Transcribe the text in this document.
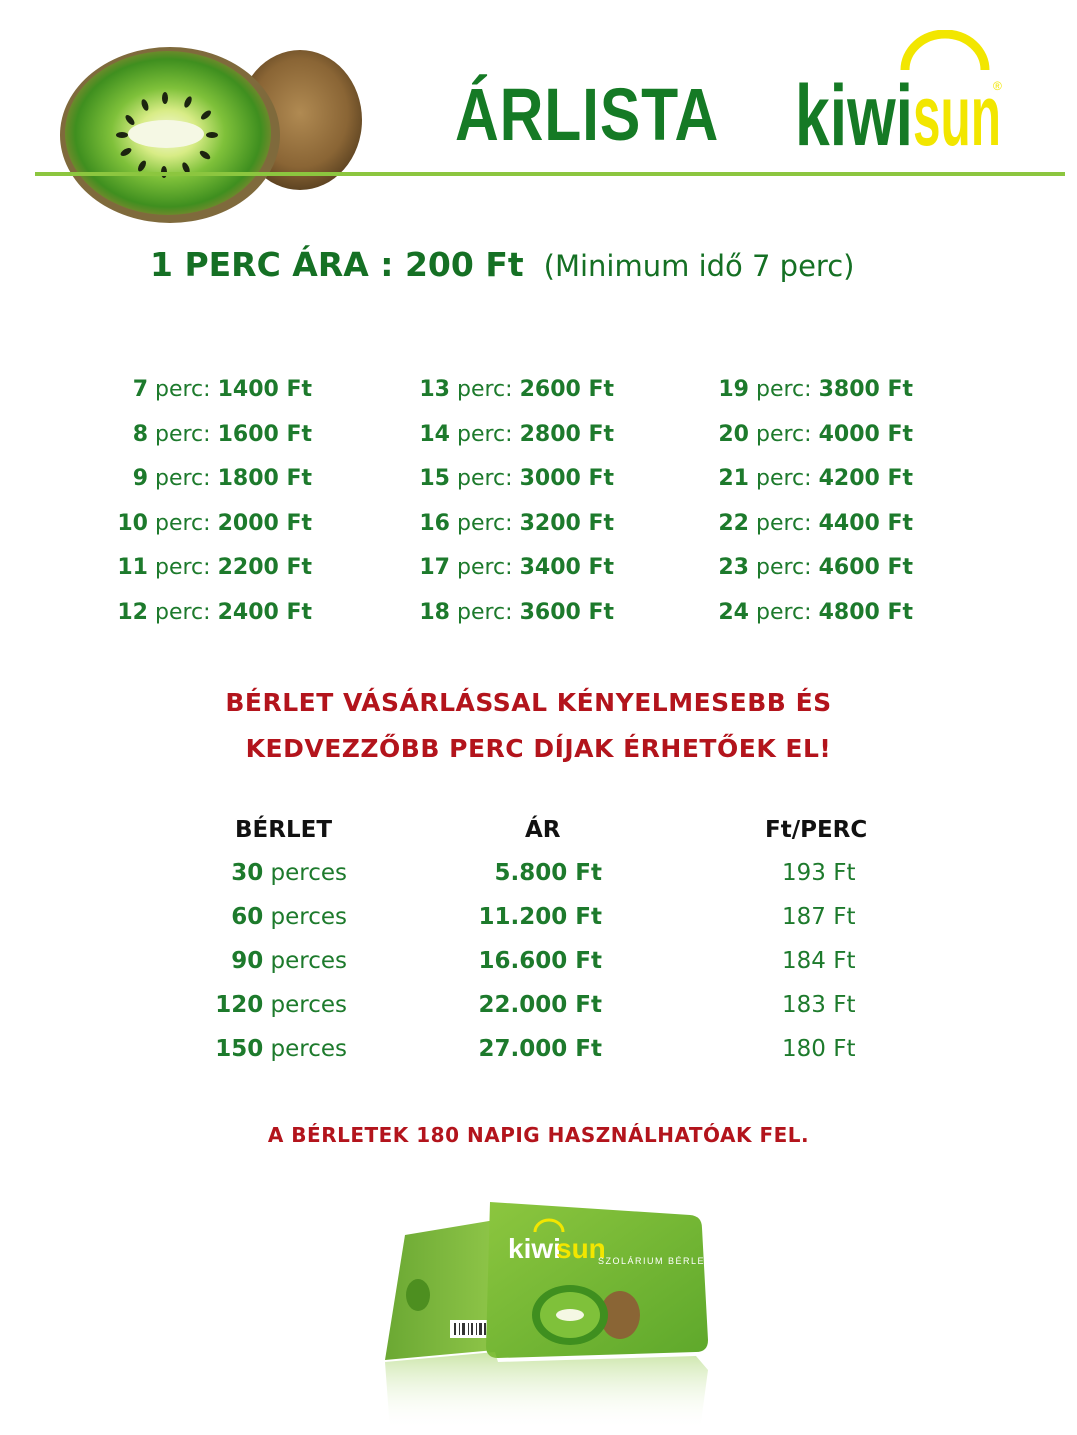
ÁRLISTA kiwi sun
®
1 PERC ÁRA : 200 Ft (Minimum idő 7 perc)
7 perc: 1400 Ft
8 perc: 1600 Ft
9 perc: 1800 Ft
10 perc: 2000 Ft
11 perc: 2200 Ft
12 perc: 2400 Ft
13 perc: 2600 Ft
14 perc: 2800 Ft
15 perc: 3000 Ft
16 perc: 3200 Ft
17 perc: 3400 Ft
18 perc: 3600 Ft
19 perc: 3800 Ft
20 perc: 4000 Ft
21 perc: 4200 Ft
22 perc: 4400 Ft
23 perc: 4600 Ft
24 perc: 4800 Ft
BÉRLET VÁSÁRLÁSSAL KÉNYELMESEBB ÉS
KEDVEZZŐBB PERC DÍJAK ÉRHETŐEK EL!
BÉRLET	ÁR	Ft/PERC
30 perces	5.800 Ft	193 Ft
60 perces	11.200 Ft	187 Ft
90 perces	16.600 Ft	184 Ft
120 perces	22.000 Ft	183 Ft
150 perces	27.000 Ft	180 Ft
A BÉRLETEK 180 NAPIG HASZNÁLHATÓAK FEL.
kiwi
sun
SZOLÁRIUM BÉRLET
